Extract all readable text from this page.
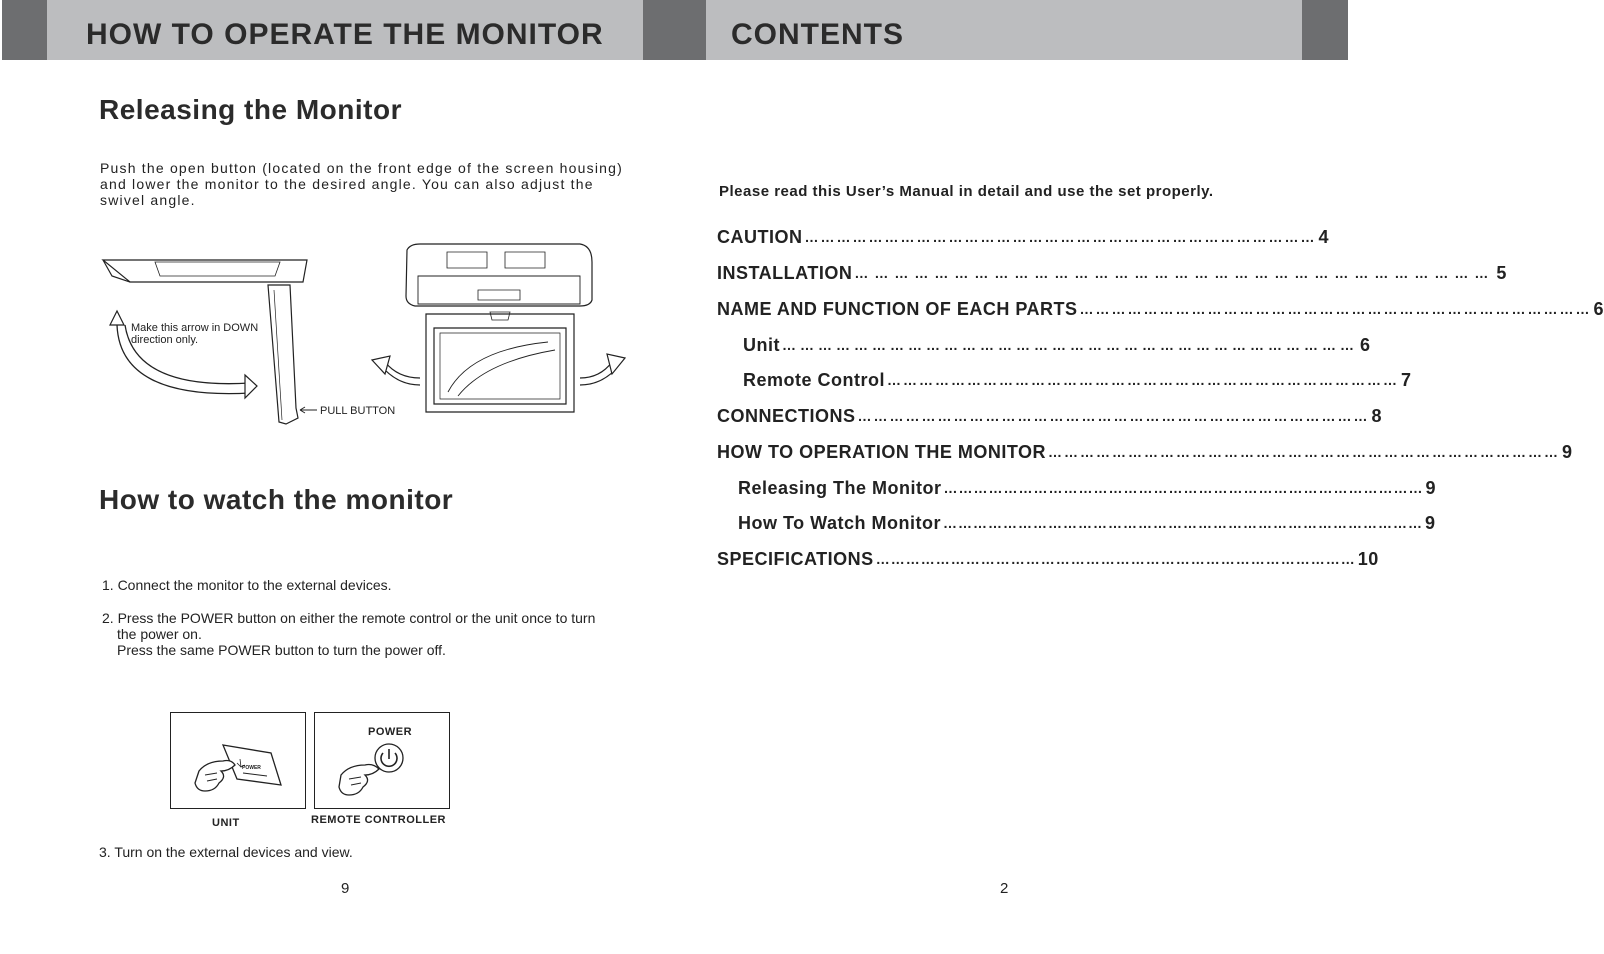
HOW TO OPERATE THE MONITOR	CONTENTS
Releasing the Monitor
Push the open button (located on the front edge of the screen housing)
and lower the monitor to the desired angle. You can also adjust the
swivel angle.
Make this arrow in DOWN
direction only.
PULL BUTTON
How to watch the monitor
1. Connect the monitor to the external devices.
2. Press the POWER button on either the remote control or the unit once to turn
the power on.
Press the same POWER button to turn the power off.
POWER
POWER
UNIT	REMOTE CONTROLLER
3. Turn on the external devices and view.
9
Please read this User’s Manual in detail and use the set properly.
CAUTION …………………………………………………………………………………… 4
INSTALLATION …………………………………………………………………………………… 5
NAME AND FUNCTION OF EACH PARTS …………………………………………………………………………………… 6
Unit …………………………………………………………………………………… 6
Remote Control …………………………………………………………………………………… 7
CONNECTIONS …………………………………………………………………………………… 8
HOW TO OPERATION THE MONITOR …………………………………………………………………………………… 9
Releasing The Monitor …………………………………………………………………………………… 9
How To Watch Monitor …………………………………………………………………………………… 9
SPECIFICATIONS …………………………………………………………………………………… 10
2
